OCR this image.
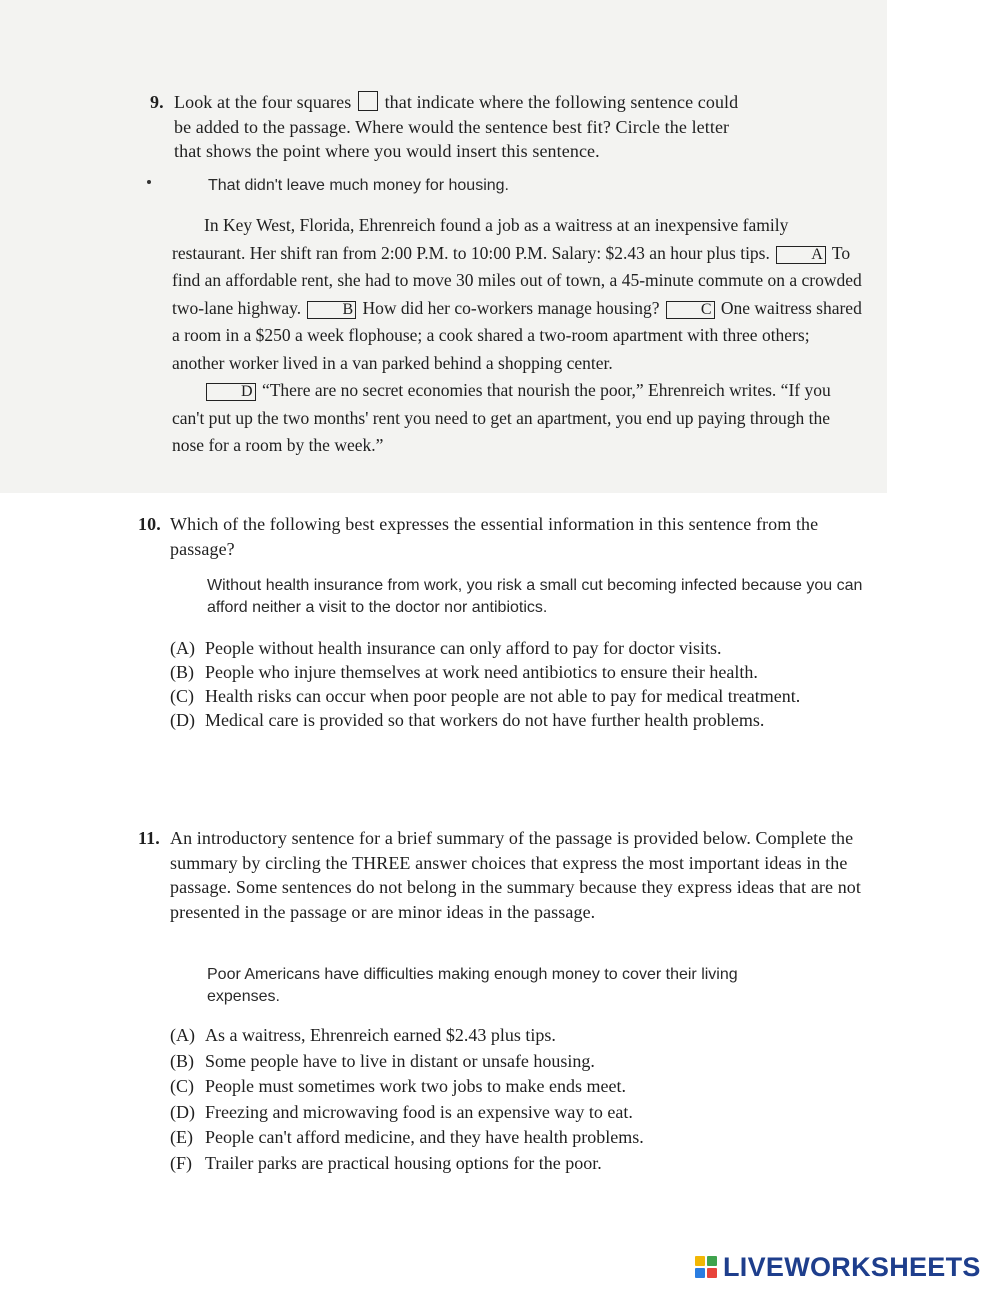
9. Look at the four squares that indicate where the following sentence could
be added to the passage. Where would the sentence best fit? Circle the letter
that shows the point where you would insert this sentence.
That didn't leave much money for housing.

In Key West, Florida, Ehrenreich found a job as a waitress at an inexpensive family restaurant. Her shift ran from 2:00 P.M. to 10:00 P.M. Salary: $2.43 an hour plus tips.	A To find an affordable rent, she had to move 30 miles out of town, a 45-minute commute on a crowded two-lane highway.	B How did her co-workers manage housing?	C One waitress shared a room in a $250 a week flophouse; a cook shared a two-room apartment with three others; another worker lived in a van parked behind a shopping center.

D “There are no secret economies that nourish the poor,” Ehrenreich writes. “If you can't put up the two months' rent you need to get an apartment, you end up paying through the nose for a room by the week.”

10. Which of the following best expresses the essential information in this sentence from the passage?
Without health insurance from work, you risk a small cut becoming infected because you can afford neither a visit to the doctor nor antibiotics.
(A) People without health insurance can only afford to pay for doctor visits.
(B) People who injure themselves at work need antibiotics to ensure their health.
(C) Health risks can occur when poor people are not able to pay for medical treatment.
(D) Medical care is provided so that workers do not have further health problems.
11. An introductory sentence for a brief summary of the passage is provided below. Complete the summary by circling the THREE answer choices that express the most important ideas in the passage. Some sentences do not belong in the summary because they express ideas that are not presented in the passage or are minor ideas in the passage.
Poor Americans have difficulties making enough money to cover their living expenses.
(A) As a waitress, Ehrenreich earned $2.43 plus tips.
(B) Some people have to live in distant or unsafe housing.
(C) People must sometimes work two jobs to make ends meet.
(D) Freezing and microwaving food is an expensive way to eat.
(E) People can't afford medicine, and they have health problems.
(F) Trailer parks are practical housing options for the poor.
LIVEWORKSHEETS
